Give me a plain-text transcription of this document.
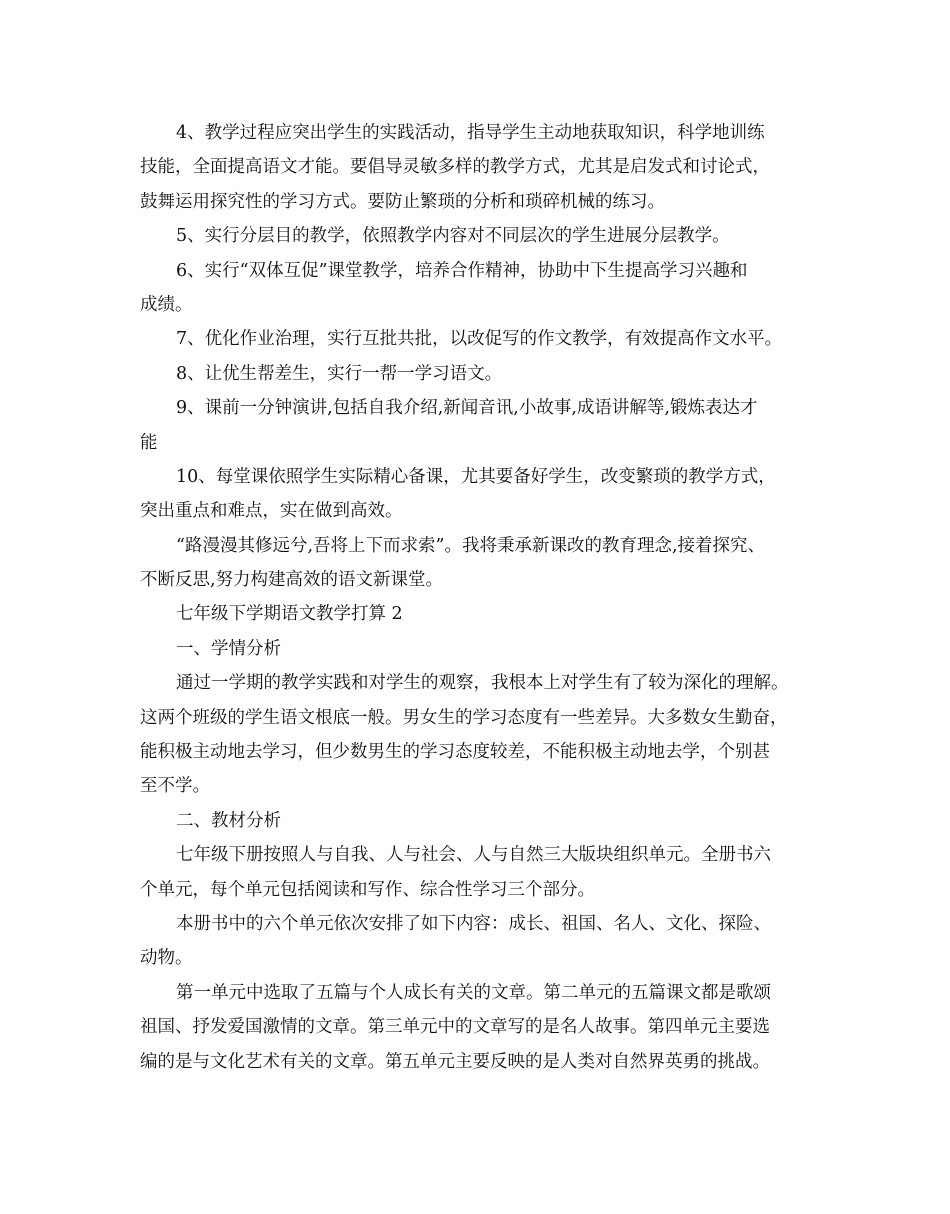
4、教学过程应突出学生的实践活动，指导学生主动地获取知识，科学地训练
技能，全面提高语文才能。要倡导灵敏多样的教学方式，尤其是启发式和讨论式，
鼓舞运用探究性的学习方式。要防止繁琐的分析和琐碎机械的练习。
5、实行分层目的教学，依照教学内容对不同层次的学生进展分层教学。
6、实行“双体互促”课堂教学，培养合作精神，协助中下生提高学习兴趣和
成绩。
7、优化作业治理，实行互批共批，以改促写的作文教学，有效提高作文水平。
8、让优生帮差生，实行一帮一学习语文。
9、课前一分钟演讲,包括自我介绍,新闻音讯,小故事,成语讲解等,锻炼表达才
能
10、每堂课依照学生实际精心备课，尤其要备好学生，改变繁琐的教学方式，
突出重点和难点，实在做到高效。
“路漫漫其修远兮,吾将上下而求索”。我将秉承新课改的教育理念,接着探究、
不断反思,努力构建高效的语文新课堂。
七年级下学期语文教学打算 2
一、学情分析
通过一学期的教学实践和对学生的观察，我根本上对学生有了较为深化的理解。
这两个班级的学生语文根底一般。男女生的学习态度有一些差异。大多数女生勤奋，
能积极主动地去学习，但少数男生的学习态度较差，不能积极主动地去学，个别甚
至不学。
二、教材分析
七年级下册按照人与自我、人与社会、人与自然三大版块组织单元。全册书六
个单元，每个单元包括阅读和写作、综合性学习三个部分。
本册书中的六个单元依次安排了如下内容：成长、祖国、名人、文化、探险、
动物。
第一单元中选取了五篇与个人成长有关的文章。第二单元的五篇课文都是歌颂
祖国、抒发爱国激情的文章。第三单元中的文章写的是名人故事。第四单元主要选
编的是与文化艺术有关的文章。第五单元主要反映的是人类对自然界英勇的挑战。
